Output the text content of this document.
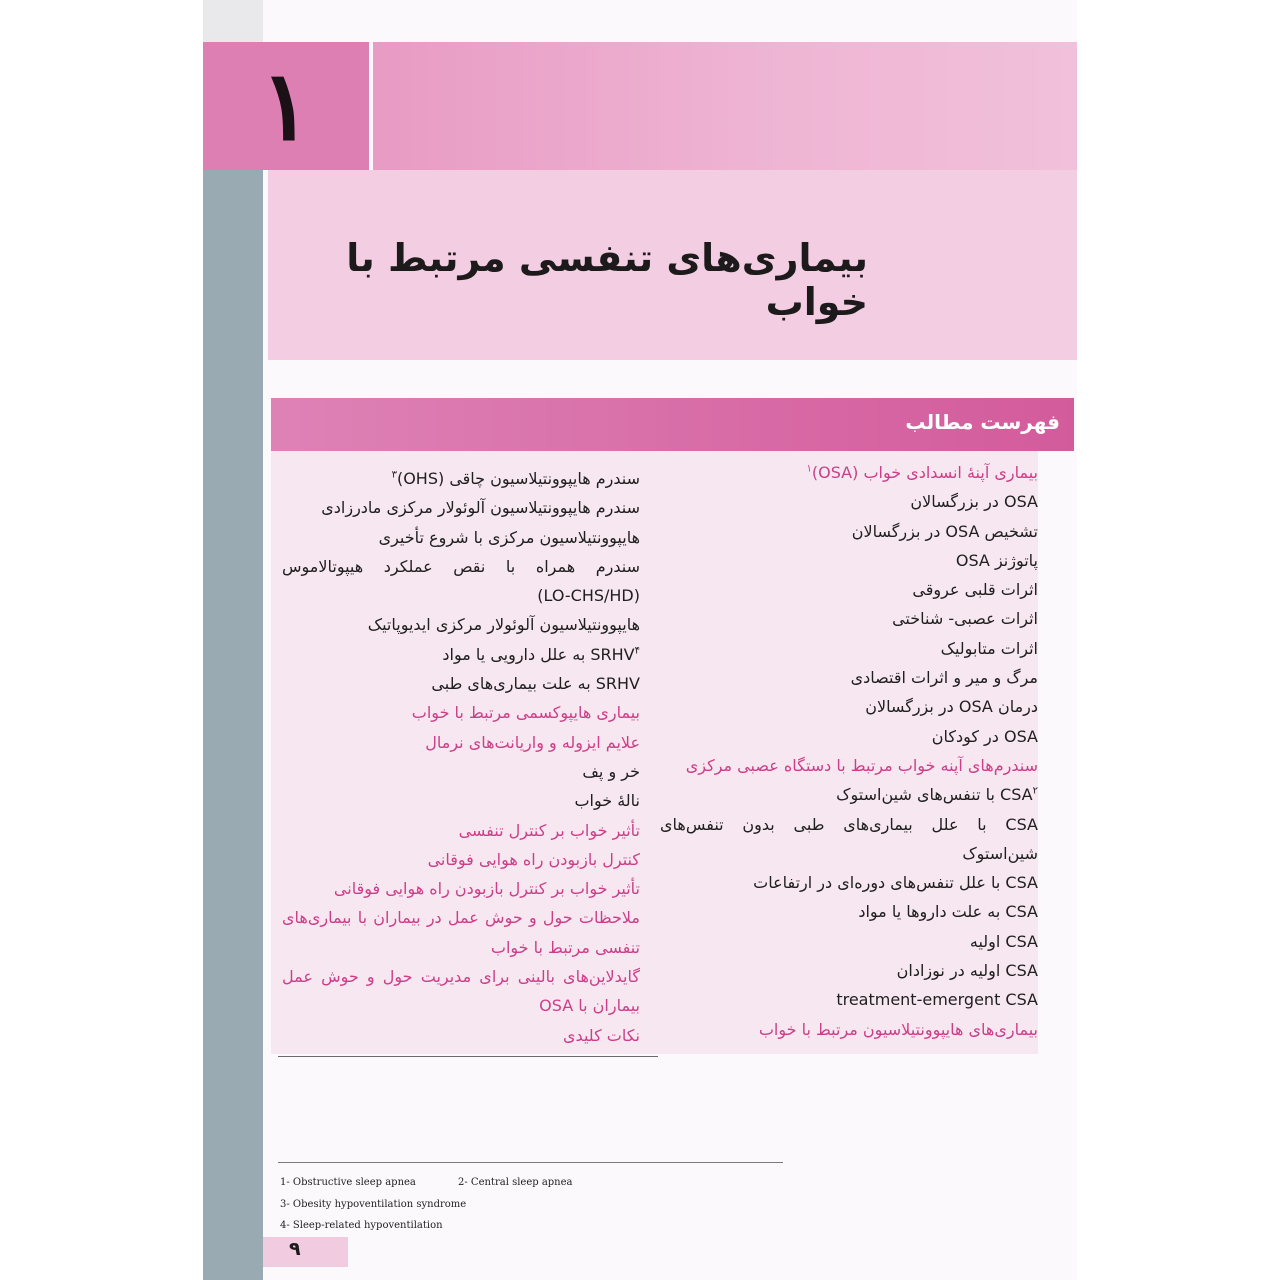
۱
بیماری‌های تنفسی مرتبط با خواب
فهرست مطالب
بیماری آپنهٔ انسدادی خواب (OSA)$^۱$
OSA در بزرگسالان
تشخیص OSA در بزرگسالان
پاتوژنز OSA
اثرات قلبی عروقی
اثرات عصبی- شناختی
اثرات متابولیک
مرگ و میر و اثرات اقتصادی
درمان OSA در بزرگسالان
OSA در کودکان
سندرم‌های آپنه خواب مرتبط با دستگاه عصبی مرکزی
CSA$^۲$ با تنفس‌های شین‌استوک
CSA با علل بیماری‌های طبی بدون تنفس‌های
شین‌استوک
CSA با علل تنفس‌های دوره‌ای در ارتفاعات
CSA به علت داروها یا مواد
CSA اولیه
CSA اولیه در نوزادان
treatment-emergent CSA
بیماری‌های هایپوونتیلاسیون مرتبط با خواب
سندرم هایپوونتیلاسیون چاقی (OHS)$^۳$
سندرم هایپوونتیلاسیون آلوئولار مرکزی مادرزادی
هایپوونتیلاسیون مرکزی با شروع تأخیری
سندرم همراه با نقص عملکرد هیپوتالاموس
(LO-CHS/HD)
هایپوونتیلاسیون آلوئولار مرکزی ایدیوپاتیک
SRHV$^۴$ به علل دارویی یا مواد
SRHV به علت بیماری‌های طبی
بیماری هایپوکسمی مرتبط با خواب
علایم ایزوله و واریانت‌های نرمال
خر و پف
نالهٔ خواب
تأثیر خواب بر کنترل تنفسی
کنترل بازبودن راه هوایی فوقانی
تأثیر خواب بر کنترل بازبودن راه هوایی فوقانی
ملاحظات حول و حوش عمل در بیماران با بیماری‌های
تنفسی مرتبط با خواب
گایدلاین‌های بالینی برای مدیریت حول و حوش عمل
بیماران با OSA
نکات کلیدی
1- Obstructive sleep apnea	2- Central sleep apnea
3- Obesity hypoventilation syndrome
4- Sleep-related hypoventilation
۹
